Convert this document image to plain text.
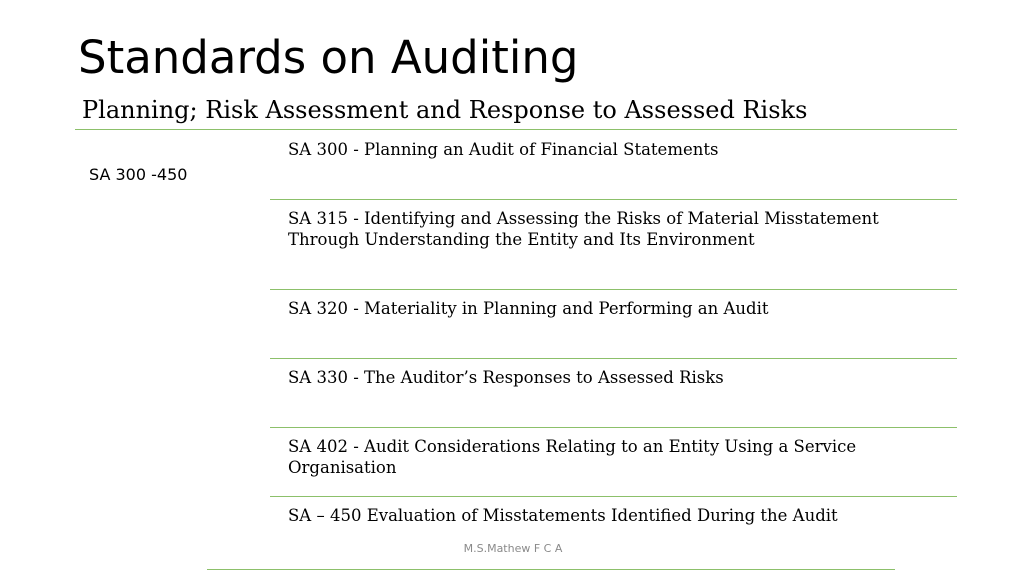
Standards on Auditing
Planning; Risk Assessment and Response to Assessed Risks
SA 300 -450
SA 300 - Planning an Audit of Financial Statements
SA 315 - Identifying and Assessing the Risks of Material Misstatement Through Understanding the Entity and Its Environment
SA 320 - Materiality in Planning and Performing an Audit
SA 330 - The Auditor’s Responses to Assessed Risks
SA 402 - Audit Considerations Relating to an Entity Using a Service Organisation
SA – 450 Evaluation of Misstatements Identified During the Audit
M.S.Mathew F C A
